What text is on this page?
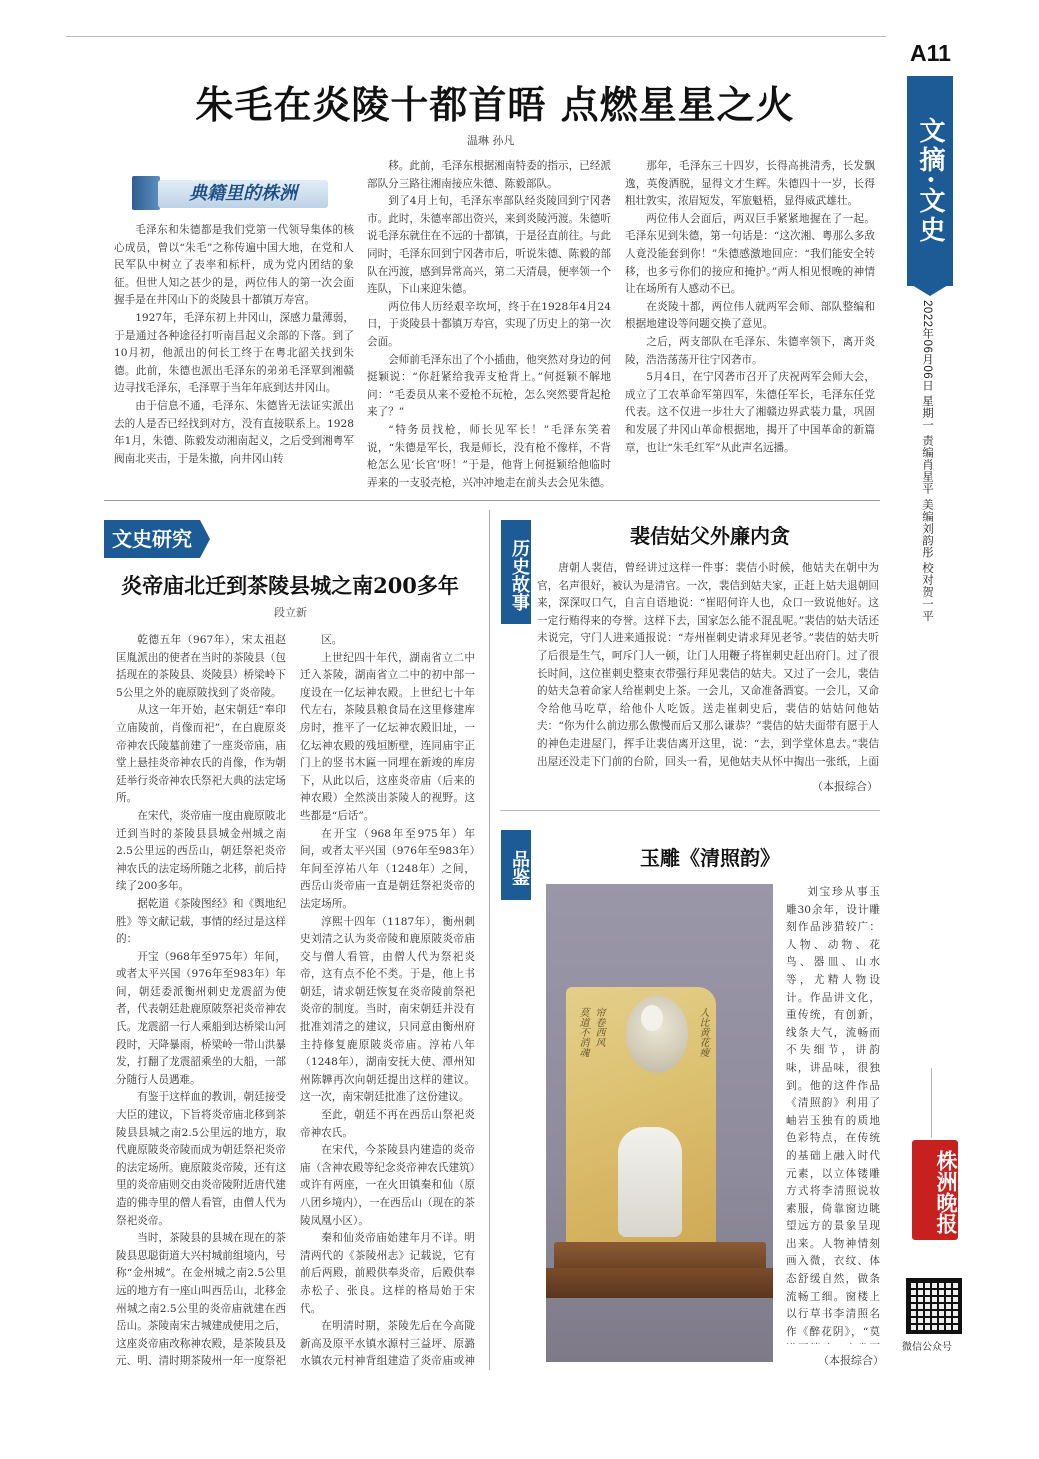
A11
文摘·文史
2022年06月06日 星期一 责编肖星平 美编刘韵彤 校对贺一平
朱毛在炎陵十都首晤 点燃星星之火
温琳 孙凡
典籍里的株洲

毛泽东和朱德都是我们党第一代领导集体的核心成员，曾以“朱毛”之称传遍中国大地，在党和人民军队中树立了表率和标杆，成为党内团结的象征。但世人知之甚少的是，两位伟人的第一次会面握手是在井冈山下的炎陵县十都镇万寿宫。

1927年，毛泽东初上井冈山，深感力量薄弱，于是通过各种途径打听南昌起义余部的下落。到了10月初，他派出的何长工终于在粤北韶关找到朱德。此前，朱德也派出毛泽东的弟弟毛泽覃到湘赣边寻找毛泽东，毛泽覃于当年年底到达井冈山。

由于信息不通，毛泽东、朱德皆无法证实派出去的人是否已经找到对方，没有直接联系上。1928年1月，朱德、陈毅发动湘南起义，之后受到湘粤军阀南北夹击，于是朱撤，向井冈山转

移。此前，毛泽东根据湘南特委的指示，已经派部队分三路往湘南接应朱德、陈毅部队。

到了4月上旬，毛泽东率部队经炎陵回到宁冈砻市。此时，朱德率部出资兴，来到炎陵沔渡。朱德听说毛泽东就住在不远的十都镇，于是径直前往。与此同时，毛泽东回到宁冈砻市后，听说朱德、陈毅的部队在沔渡，感到异常高兴，第二天清晨，便率领一个连队，下山来迎朱德。

两位伟人历经艰辛坎坷，终于在1928年4月24日，于炎陵县十都镇万寿宫，实现了历史上的第一次会面。

会师前毛泽东出了个小插曲，他突然对身边的何挺颖说：“你赶紧给我弄支枪背上。”何挺颖不解地问：“毛委员从来不爱枪不玩枪，怎么突然要背起枪来了？”

“特务员找枪，师长见军长！”毛泽东笑着说，“朱德是军长，我是师长，没有枪不像样，不背枪怎么见‘长官’呀！”于是，他背上何挺颖给他临时弄来的一支驳壳枪，兴冲冲地走在前头去会见朱德。

那年，毛泽东三十四岁，长得高挑清秀，长发飘逸，英俊洒脱，显得文才生辉。朱德四十一岁，长得粗壮敦实，浓眉短发，军旅魁梧，显得威武雄壮。

两位伟人会面后，两双巨手紧紧地握在了一起。毛泽东见到朱德，第一句话是：“这次湘、粤那么多敌人竟没能套到你！”朱德感激地回应：“我们能安全转移，也多亏你们的接应和掩护。”两人相见恨晚的神情让在场所有人感动不已。

在炎陵十都，两位伟人就两军会师、部队整编和根据地建设等问题交换了意见。

之后，两支部队在毛泽东、朱德率领下，离开炎陵，浩浩荡荡开往宁冈砻市。

5月4日，在宁冈砻市召开了庆祝两军会师大会，成立了工农革命军第四军，朱德任军长，毛泽东任党代表。这不仅进一步壮大了湘赣边界武装力量，巩固和发展了井冈山革命根据地，揭开了中国革命的新篇章，也让“朱毛红军”从此声名远播。

文史研究
炎帝庙北迁到茶陵县城之南200多年
段立新

乾德五年（967年），宋太祖赵匡胤派出的使者在当时的茶陵县（包括现在的茶陵县、炎陵县）桥梁岭下5公里之外的鹿原陂找到了炎帝陵。

从这一年开始，赵宋朝廷“奉印立庙陵前，肖像而祀”，在白鹿原炎帝神农氏陵墓前建了一座炎帝庙，庙堂上悬挂炎帝神农氏的肖像，作为朝廷举行炎帝神农氏祭祀大典的法定场所。

在宋代，炎帝庙一度由鹿原陂北迁到当时的茶陵县县城金州城之南2.5公里远的西岳山，朝廷祭祀炎帝神农氏的法定场所随之北移，前后持续了200多年。

据乾道《茶陵图经》和《舆地纪胜》等文献记载，事情的经过是这样的：

开宝（968年至975年）年间，或者太平兴国（976年至983年）年间，朝廷委派衡州刺史龙震韶为使者，代表朝廷赴鹿原陂祭祀炎帝神农氏。龙震韶一行人乘船到达桥梁山河段时，天降暴雨，桥梁岭一带山洪暴发，打翻了龙震韶乘坐的大船，一部分随行人员遇难。

有鉴于这样血的教训，朝廷接受大臣的建议，下旨将炎帝庙北移到茶陵县县城之南2.5公里远的地方，取代鹿原陂炎帝陵而成为朝廷祭祀炎帝的法定场所。鹿原陂炎帝陵，还有这里的炎帝庙则交由炎帝陵附近唐代建造的佛寺里的僧人看管，由僧人代为祭祀炎帝。

当时，茶陵县的县城在现在的茶陵县思聪街道大兴村城前组境内，号称“金州城”。在金州城之南2.5公里远的地方有一座山叫西岳山，北移金州城之南2.5公里的炎帝庙就建在西岳山。茶陵南宋古城建成使用之后，这座炎帝庙改称神农殿，是茶陵县及元、明、清时期茶陵州一年一度祭祀

区。

上世纪四十年代，湖南省立二中迁入茶陵，湖南省立二中的初中部一度设在一亿坛神农殿。上世纪七十年代左右，茶陵县粮食局在这里修建库房时，推平了一亿坛神农殿旧址，一亿坛神农殿的残垣断壁，连同庙宇正门上的竖书木匾一同埋在新竣的库房下，从此以后，这座炎帝庙（后来的神农殿）全然淡出茶陵人的视野。这些都是“后话”。

在开宝（968年至975年）年间，或者太平兴国（976年至983年）年间至淳祐八年（1248年）之间，西岳山炎帝庙一直是朝廷祭祀炎帝的法定场所。

淳熙十四年（1187年），衡州刺史刘清之认为炎帝陵和鹿原陂炎帝庙交与僧人看管，由僧人代为祭祀炎帝，这有点不伦不类。于是，他上书朝廷，请求朝廷恢复在炎帝陵前祭祀炎帝的制度。当时，南宋朝廷并没有批准刘清之的建议，只同意由衡州府主持修复鹿原陂炎帝庙。淳祐八年（1248年），湖南安抚大使、潭州知州陈韡再次向朝廷提出这样的建议。这一次，南宋朝廷批准了这份建议。

至此，朝廷不再在西岳山祭祀炎帝神农氏。

在宋代，今茶陵县内建造的炎帝庙（含神农殿等纪念炎帝神农氏建筑）或许有两座，一在火田镇秦和仙（原八团乡境内），一在西岳山（现在的茶陵凤凰小区）。

秦和仙炎帝庙始建年月不详。明清两代的《茶陵州志》记载说，它有前后两殿，前殿供奉炎帝，后殿供奉赤松子、张良。这样的格局始于宋代。

在明清时期，茶陵先后在今高陇新高及原平水镇水源村三益坪、原潞水镇农元村神背组建造了炎帝庙或神

历史故事
裴佶姑父外廉内贪

唐朝人裴佶，曾经讲过这样一件事：裴佶小时候，他姑夫在朝中为官，名声很好，被认为是清官。一次，裴佶到姑夫家，正赶上姑夫退朝回来，深深叹口气，自言自语地说：“崔昭何许人也，众口一致说他好。这一定行贿得来的夸誉。这样下去，国家怎么能不混乱呢。”裴佶的姑夫话还未说完，守门人进来通报说：“寿州崔刺史请求拜见老爷。”裴佶的姑夫听了后很是生气，呵斥门人一顿，让门人用鞭子将崔刺史赶出府门。过了很长时间，这位崔刺史整束衣带强行拜见裴佶的姑夫。又过了一会儿，裴佶的姑夫急着命家人给崔刺史上茶。一会儿，又命准备酒宴。一会儿，又命令给他马吃草，给他仆人吃饭。送走崔刺史后，裴佶的姑姑问他姑夫：“你为什么前边那么傲慢而后又那么谦恭？”裴佶的姑夫面带有愿于人的神色走进屋门，挥手让裴佶离开这里，说：“去，到学堂休息去。”裴佶出屋还没走下门前的台阶，回头一看，见他姑夫从怀中掏出一张纸，上面

（本报综合）
品鉴	玉雕《清照韵》
莫道不消魂 帘卷西风	人比黄花瘦

刘宝珍从事玉雕30余年，设计雕刻作品涉猎较广：人物、动物、花鸟、器皿、山水等，尤精人物设计。作品讲文化，重传统，有创新，线条大气，流畅而不失细节，讲韵味，讲品味，很独到。他的这件作品《清照韵》利用了岫岩玉独有的质地色彩特点，在传统的基础上融入时代元素，以立体镂雕方式将李清照说妆素服，倚靠窗边眺望远方的景象呈现出来。人物神情刻画入微，衣纹、体态舒缓自然，做条流畅工细。窗楼上以行草书李清照名作《醉花阴》，“莫

（本报综合）
株洲晚报
微信公众号
